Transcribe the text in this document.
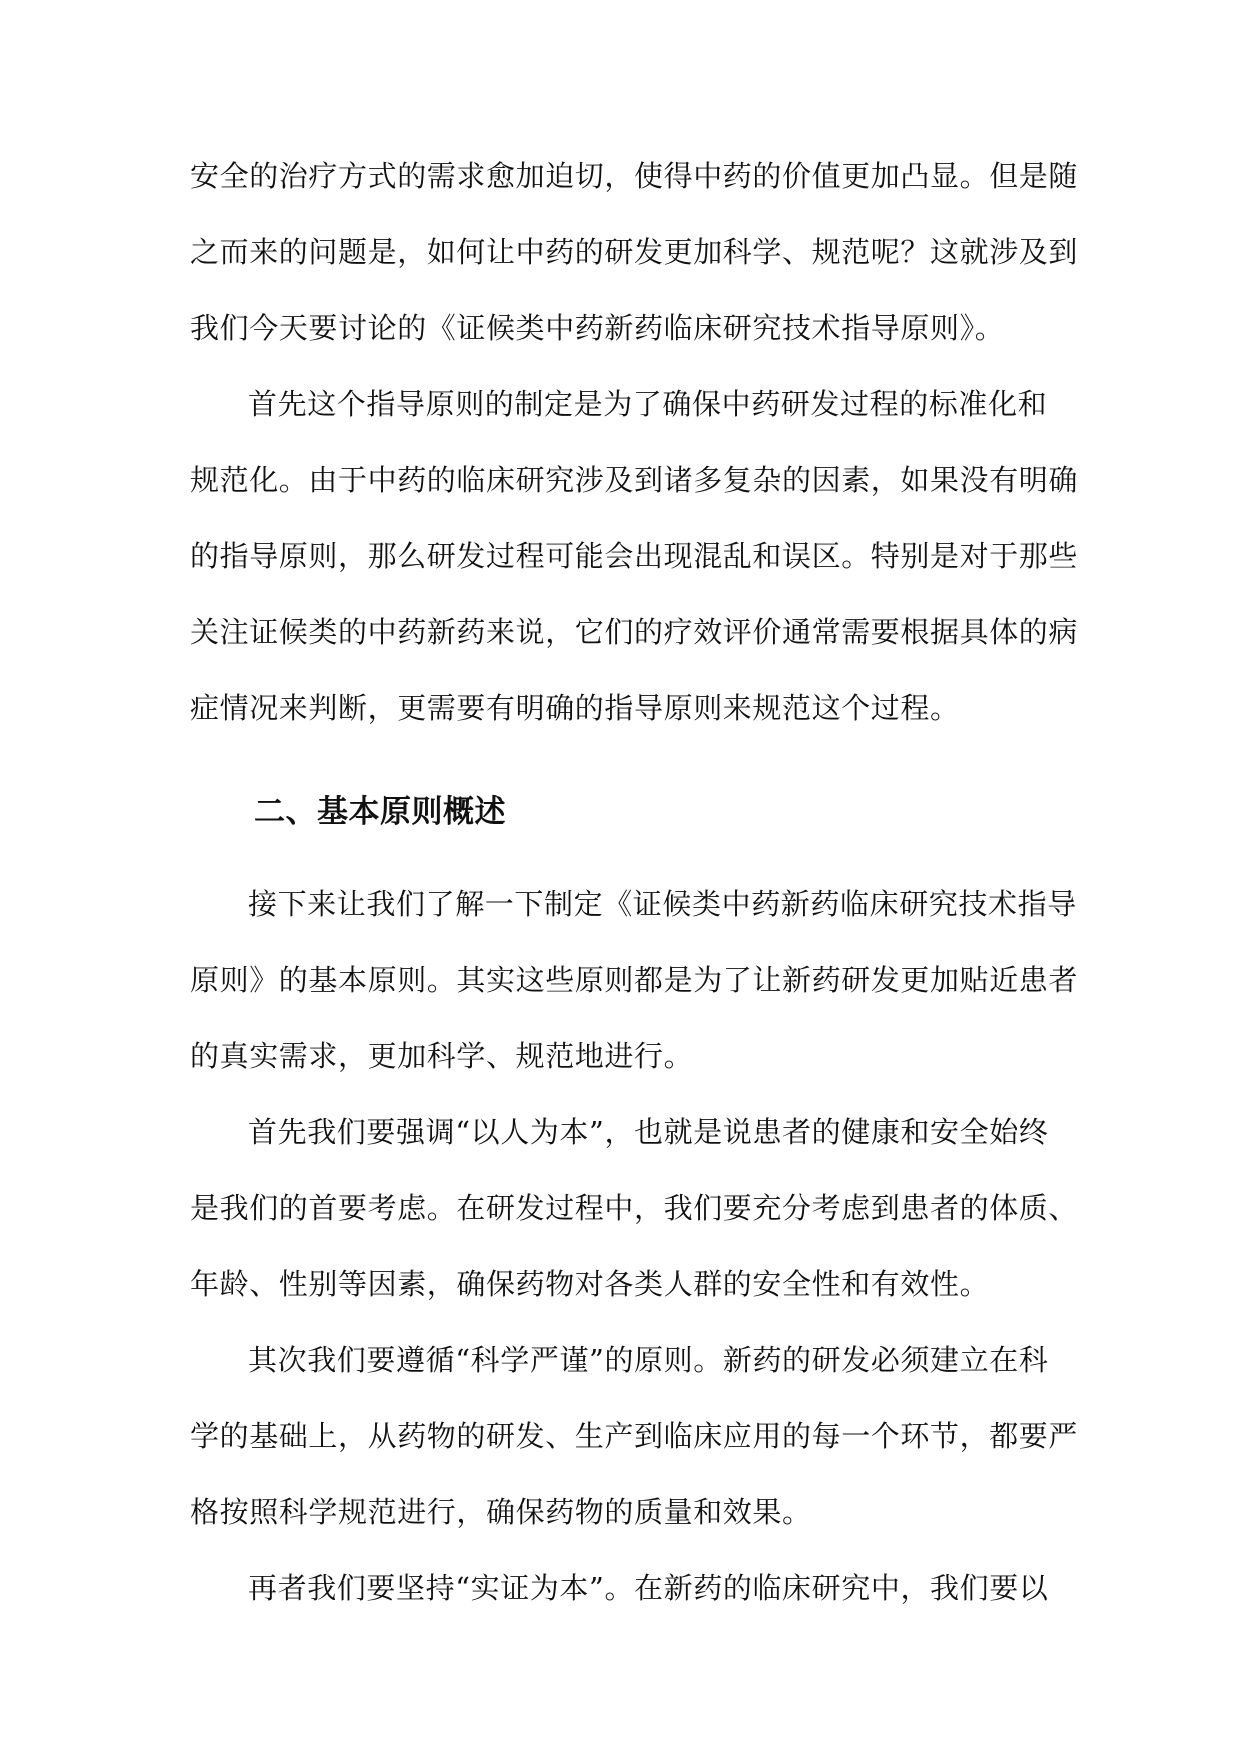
安全的治疗方式的需求愈加迫切，使得中药的价值更加凸显。但是随
之而来的问题是，如何让中药的研发更加科学、规范呢？这就涉及到
我们今天要讨论的《证候类中药新药临床研究技术指导原则》。

首先这个指导原则的制定是为了确保中药研发过程的标准化和
规范化。由于中药的临床研究涉及到诸多复杂的因素，如果没有明确
的指导原则，那么研发过程可能会出现混乱和误区。特别是对于那些
关注证候类的中药新药来说，它们的疗效评价通常需要根据具体的病
症情况来判断，更需要有明确的指导原则来规范这个过程。

二、基本原则概述

接下来让我们了解一下制定《证候类中药新药临床研究技术指导
原则》的基本原则。其实这些原则都是为了让新药研发更加贴近患者
的真实需求，更加科学、规范地进行。

首先我们要强调“以人为本”，也就是说患者的健康和安全始终
是我们的首要考虑。在研发过程中，我们要充分考虑到患者的体质、
年龄、性别等因素，确保药物对各类人群的安全性和有效性。

其次我们要遵循“科学严谨”的原则。新药的研发必须建立在科
学的基础上，从药物的研发、生产到临床应用的每一个环节，都要严
格按照科学规范进行，确保药物的质量和效果。

再者我们要坚持“实证为本”。在新药的临床研究中，我们要以
